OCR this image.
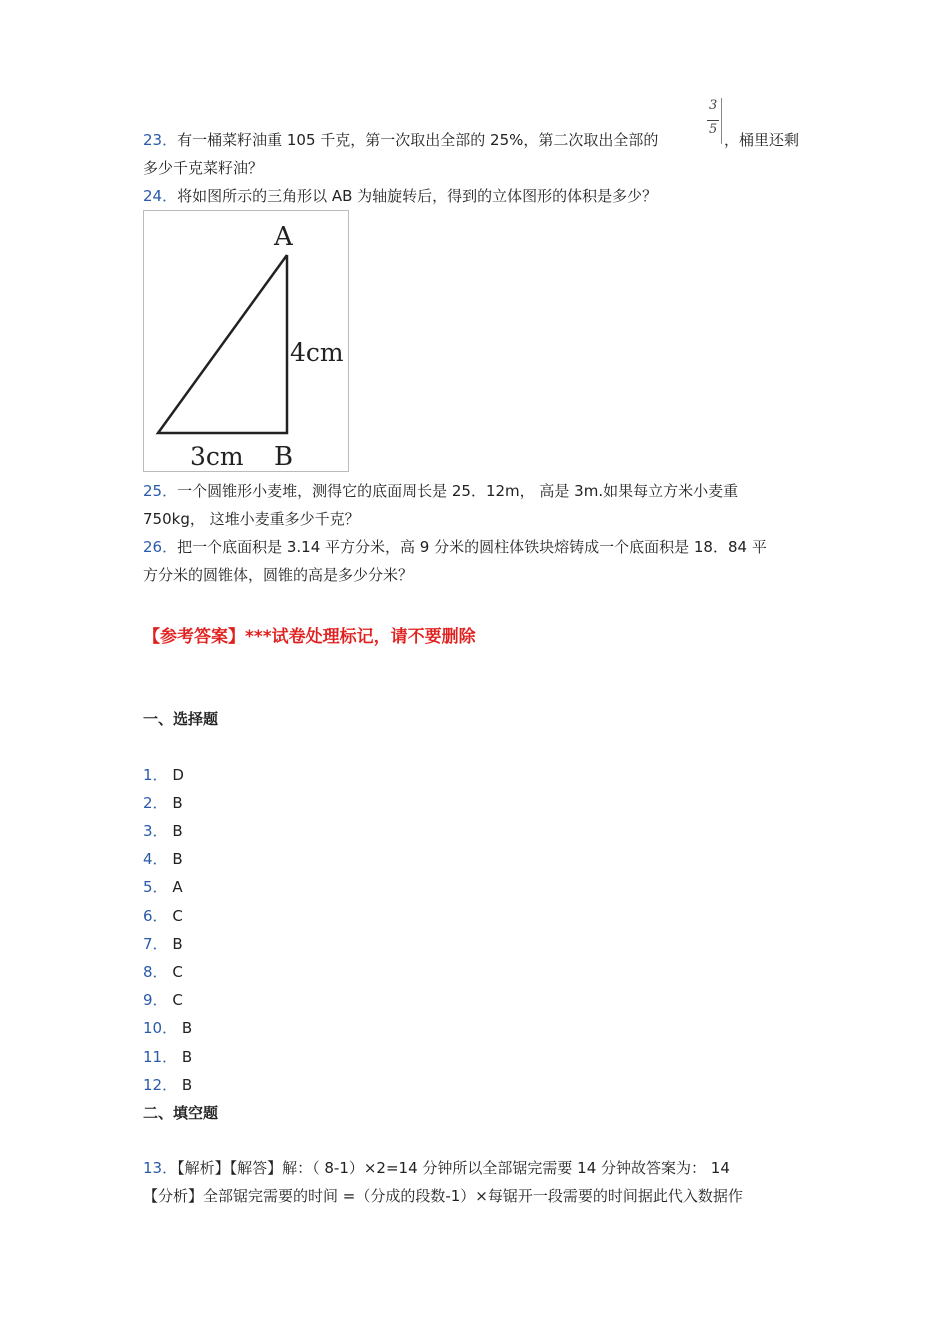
23．有一桶菜籽油重 105 千克，第一次取出全部的 25%，第二次取出全部的
3
5
，桶里还剩
多少千克菜籽油？
24．将如图所示的三角形以 AB 为轴旋转后，得到的立体图形的体积是多少？
A
4cm
3cm B
25．一个圆锥形小麦堆，测得它的底面周长是 25．12m， 高是 3m.如果每立方米小麦重
750kg， 这堆小麦重多少千克？
26．把一个底面积是 3.14 平方分米，高 9 分米的圆柱体铁块熔铸成一个底面积是 18．84 平
方分米的圆锥体，圆锥的高是多少分米？
【参考答案】***试卷处理标记，请不要删除
一、选择题
1． D
2． B
3． B
4． B
5． A
6． C
7． B
8． C
9． C
10． B
11． B
12． B
二、填空题
13．【解析】【解答】解：（ 8-1）×2=14 分钟所以全部锯完需要 14 分钟故答案为： 14
【分析】全部锯完需要的时间 =（分成的段数-1）×每锯开一段需要的时间据此代入数据作
